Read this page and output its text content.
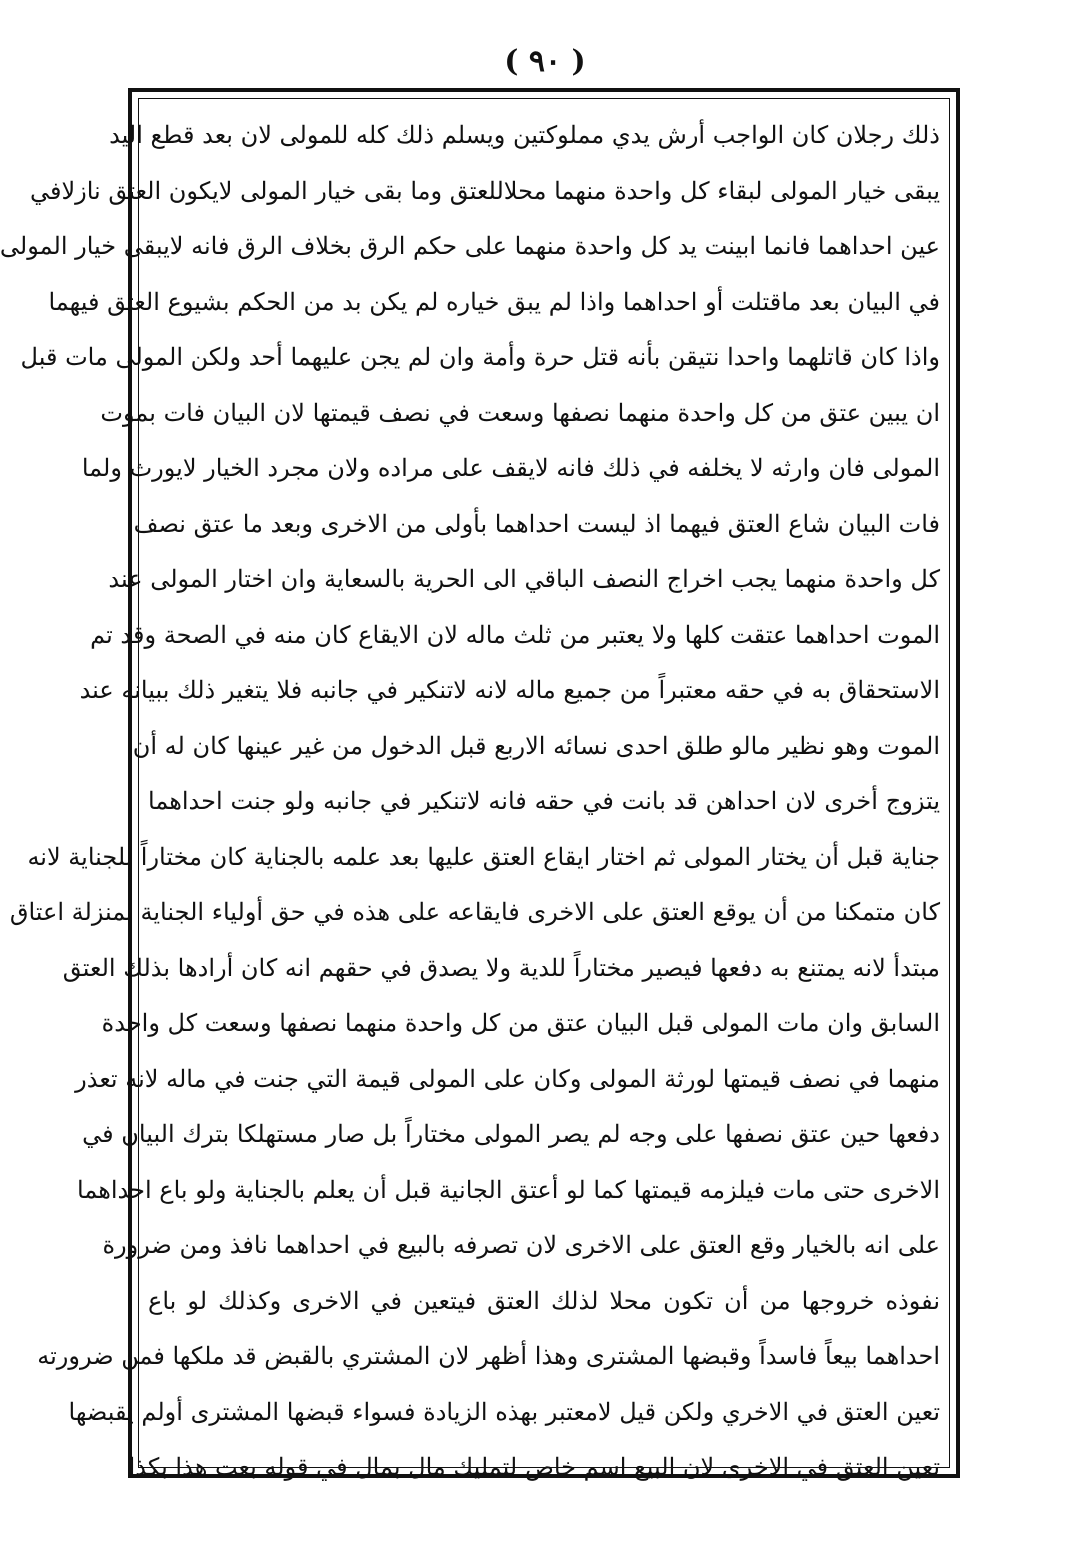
( ٩٠ )
ذلك رجلان كان الواجب أرش يدي مملوكتين ويسلم ذلك كله للمولى لان بعد قطع اليد
يبقى خيار المولى لبقاء كل واحدة منهما محلاللعتق وما بقى خيار المولى لايكون العتق نازلافي
عين احداهما فانما ابينت يد كل واحدة منهما على حكم الرق بخلاف الرق فانه لايبقى خيار المولى
في البيان بعد ماقتلت أو احداهما واذا لم يبق خياره لم يكن بد من الحكم بشيوع العتق فيهما
واذا كان قاتلهما واحدا نتيقن بأنه قتل حرة وأمة وان لم يجن عليهما أحد ولكن المولى مات قبل
ان يبين عتق من كل واحدة منهما نصفها وسعت في نصف قيمتها لان البيان فات بموت
المولى فان وارثه لا يخلفه في ذلك فانه لايقف على مراده ولان مجرد الخيار لايورث ولما
فات البيان شاع العتق فيهما اذ ليست احداهما بأولى من الاخرى وبعد ما عتق نصف
كل واحدة منهما يجب اخراج النصف الباقي الى الحرية بالسعاية وان اختار المولى عند
الموت احداهما عتقت كلها ولا يعتبر من ثلث ماله لان الايقاع كان منه في الصحة وقد تم
الاستحقاق به في حقه معتبراً من جميع ماله لانه لاتنكير في جانبه فلا يتغير ذلك ببيانه عند
الموت وهو نظير مالو طلق احدى نسائه الاربع قبل الدخول من غير عينها كان له أن
يتزوج أخرى لان احداهن قد بانت في حقه فانه لاتنكير في جانبه ولو جنت احداهما
جناية قبل أن يختار المولى ثم اختار ايقاع العتق عليها بعد علمه بالجناية كان مختاراً للجناية لانه
كان متمكنا من أن يوقع العتق على الاخرى فايقاعه على هذه في حق أولياء الجناية بمنزلة اعتاق
مبتدأ لانه يمتنع به دفعها فيصير مختاراً للدية ولا يصدق في حقهم انه كان أرادها بذلك العتق
السابق وان مات المولى قبل البيان عتق من كل واحدة منهما نصفها وسعت كل واحدة
منهما في نصف قيمتها لورثة المولى وكان على المولى قيمة التي جنت في ماله لانه تعذر
دفعها حين عتق نصفها على وجه لم يصر المولى مختاراً بل صار مستهلكا بترك البيان في
الاخرى حتى مات فيلزمه قيمتها كما لو أعتق الجانية قبل أن يعلم بالجناية ولو باع احداهما
على انه بالخيار وقع العتق على الاخرى لان تصرفه بالبيع في احداهما نافذ ومن ضرورة
نفوذه خروجها من أن تكون محلا لذلك العتق فيتعين في الاخرى وكذلك لو باع
احداهما بيعاً فاسداً وقبضها المشترى وهذا أظهر لان المشتري بالقبض قد ملكها فمن ضرورته
تعين العتق في الاخري ولكن قيل لامعتبر بهذه الزيادة فسواء قبضها المشترى أولم يقبضها
تعين العتق في الاخرى لان البيع اسم خاص لتمليك مال بمال في قوله بعت هذا بكذا
